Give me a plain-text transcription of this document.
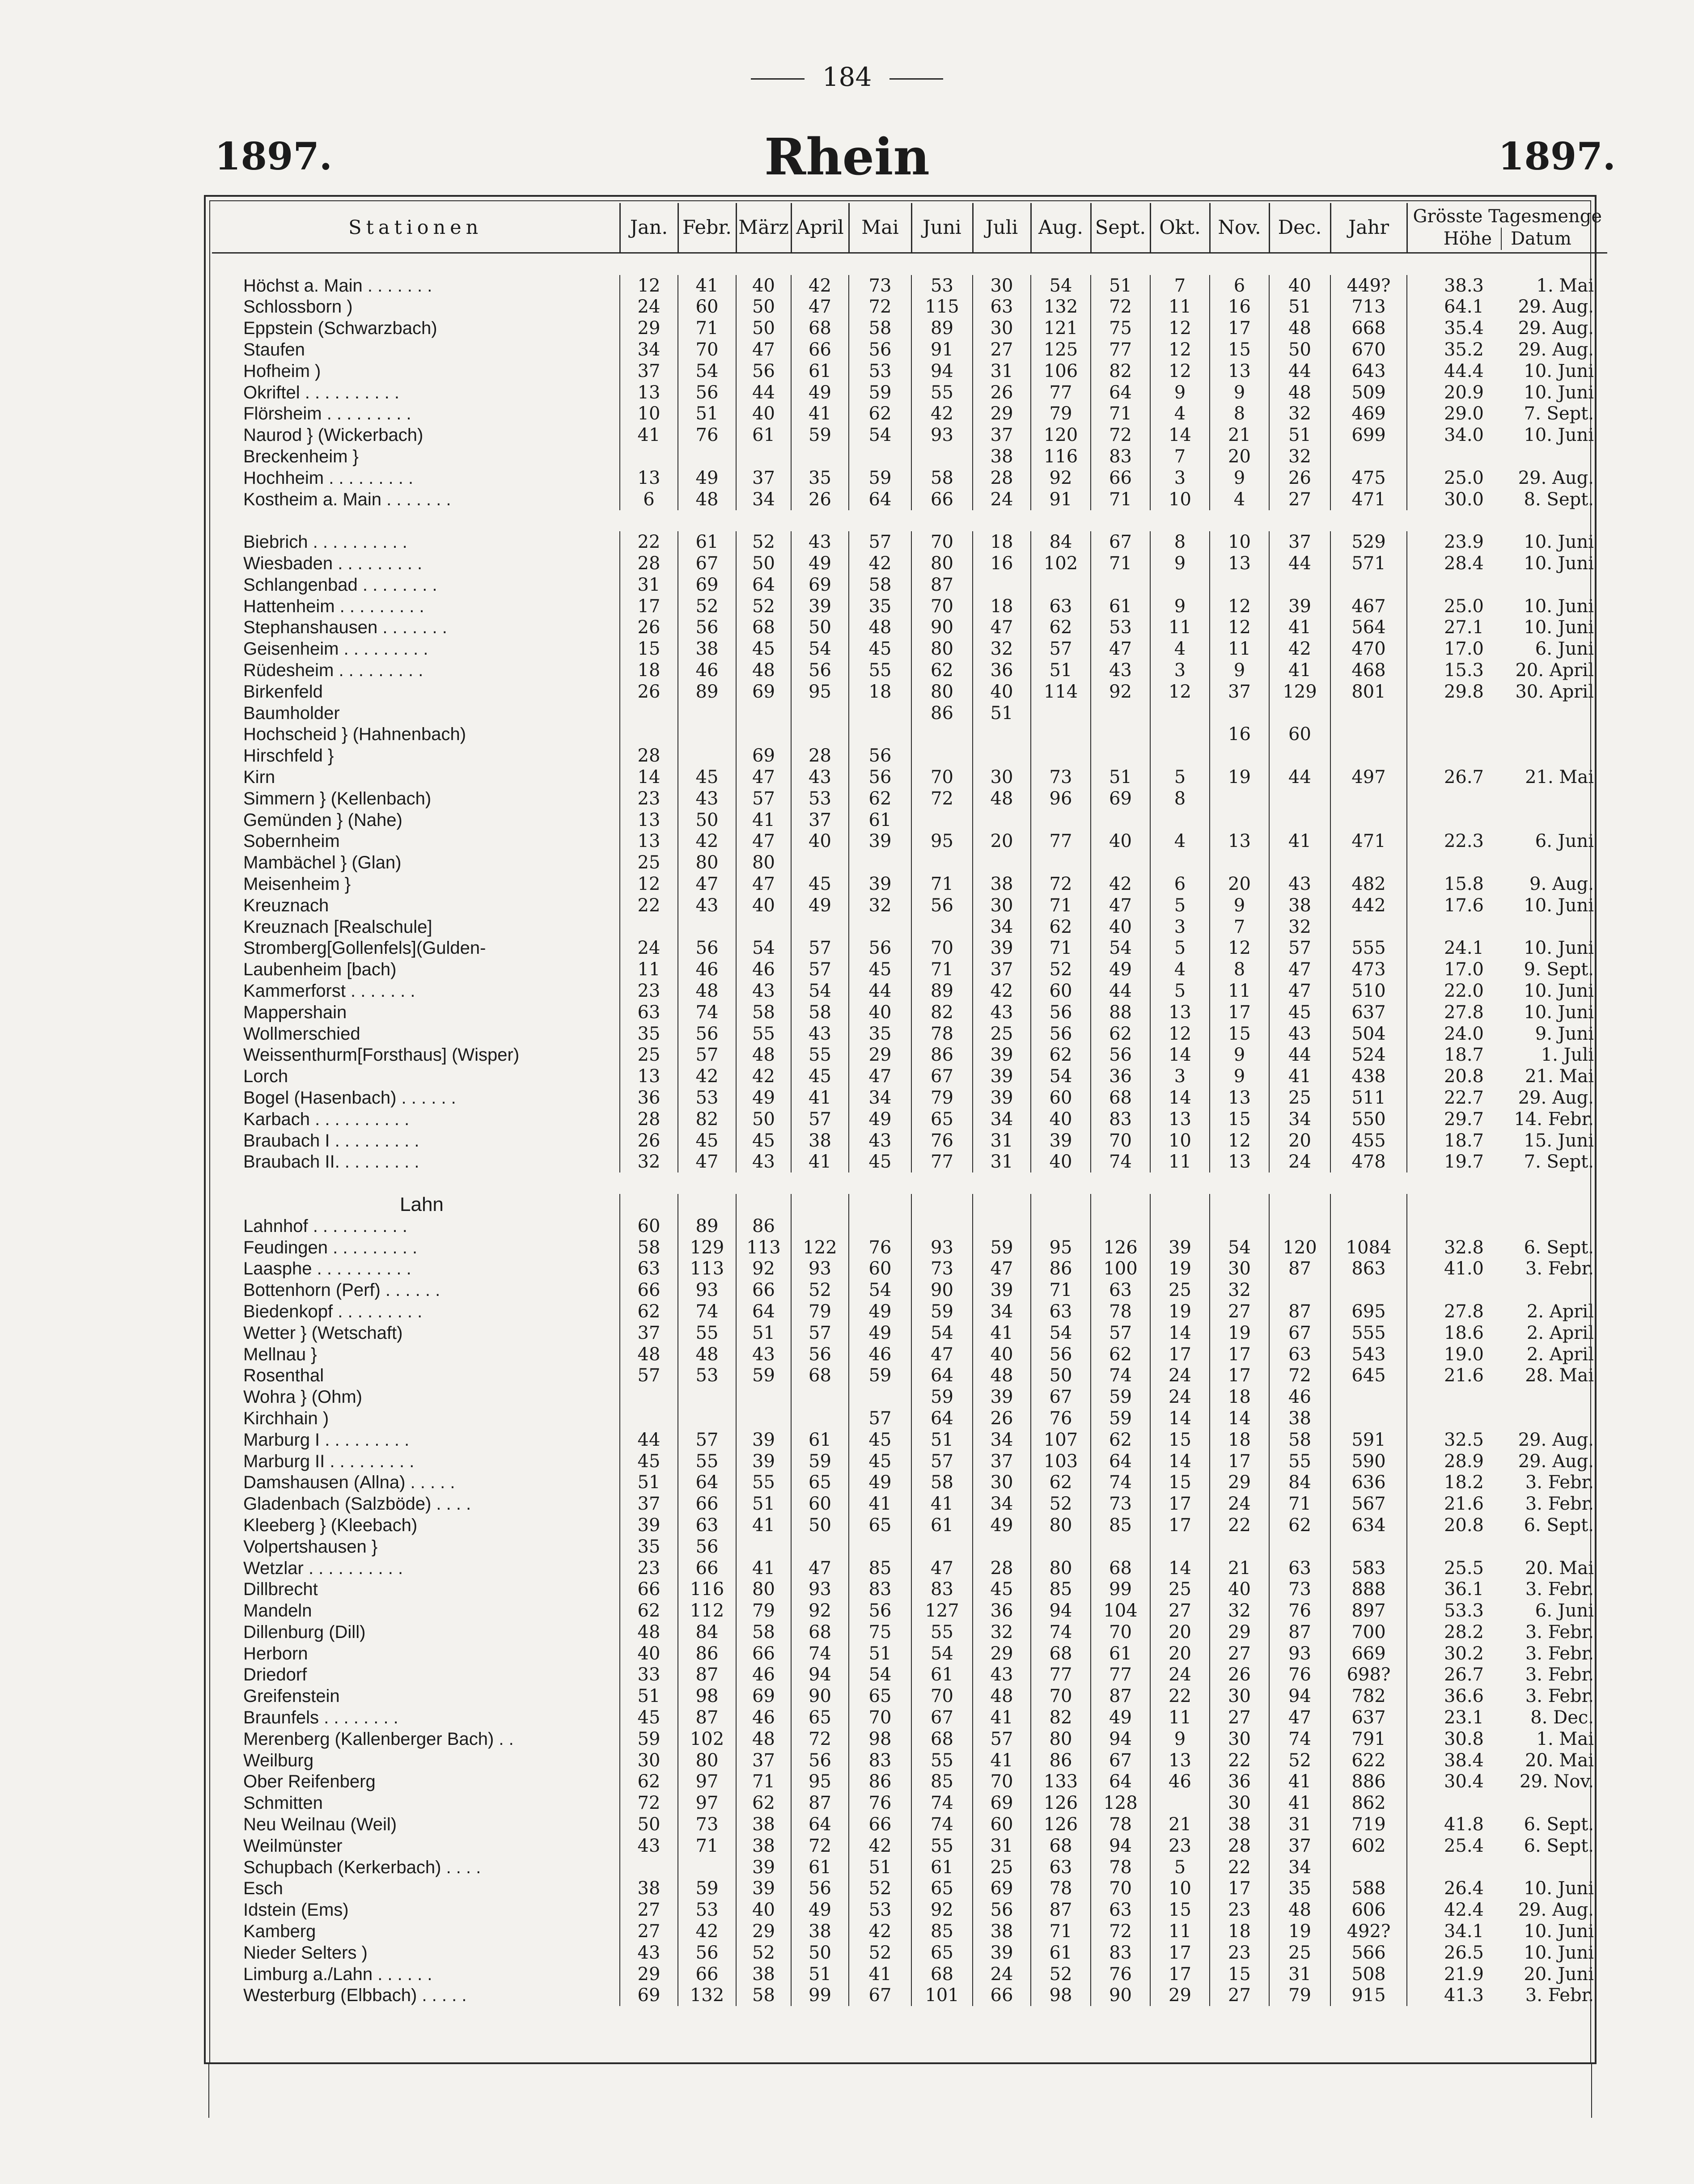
184
1897.	Rhein	1897.
Stationen	Jan.	Febr.	März	April	Mai	Juni	Juli	Aug.	Sept.	Okt.	Nov.	Dec.	Jahr	Grösste Tagesmenge
Höhe Datum	

Höchst a. Main . . . . . . .	12	41	40	42	73	53	30	54	51	7	6	40	449?	38.3	1. Mai
Schlossborn )	24	60	50	47	72	115	63	132	72	11	16	51	713	64.1	29. Aug.
Eppstein (Schwarzbach)	29	71	50	68	58	89	30	121	75	12	17	48	668	35.4	29. Aug.
Staufen	34	70	47	66	56	91	27	125	77	12	15	50	670	35.2	29. Aug.
Hofheim )	37	54	56	61	53	94	31	106	82	12	13	44	643	44.4	10. Juni
Okriftel . . . . . . . . . .	13	56	44	49	59	55	26	77	64	9	9	48	509	20.9	10. Juni
Flörsheim . . . . . . . . .	10	51	40	41	62	42	29	79	71	4	8	32	469	29.0	7. Sept.
Naurod } (Wickerbach)	41	76	61	59	54	93	37	120	72	14	21	51	699	34.0	10. Juni
Breckenheim }							38	116	83	7	20	32			
Hochheim . . . . . . . . .	13	49	37	35	59	58	28	92	66	3	9	26	475	25.0	29. Aug.
Kostheim a. Main . . . . . . .	6	48	34	26	64	66	24	91	71	10	4	27	471	30.0	8. Sept.

Biebrich . . . . . . . . . .	22	61	52	43	57	70	18	84	67	8	10	37	529	23.9	10. Juni
Wiesbaden . . . . . . . . .	28	67	50	49	42	80	16	102	71	9	13	44	571	28.4	10. Juni
Schlangenbad . . . . . . . .	31	69	64	69	58	87									
Hattenheim . . . . . . . . .	17	52	52	39	35	70	18	63	61	9	12	39	467	25.0	10. Juni
Stephanshausen . . . . . . .	26	56	68	50	48	90	47	62	53	11	12	41	564	27.1	10. Juni
Geisenheim . . . . . . . . .	15	38	45	54	45	80	32	57	47	4	11	42	470	17.0	6. Juni
Rüdesheim . . . . . . . . .	18	46	48	56	55	62	36	51	43	3	9	41	468	15.3	20. April
Birkenfeld	26	89	69	95	18	80	40	114	92	12	37	129	801	29.8	30. April
Baumholder						86	51								
Hochscheid } (Hahnenbach)											16	60			
Hirschfeld }	28		69	28	56										
Kirn	14	45	47	43	56	70	30	73	51	5	19	44	497	26.7	21. Mai
Simmern } (Kellenbach)	23	43	57	53	62	72	48	96	69	8					
Gemünden } (Nahe)	13	50	41	37	61										
Sobernheim	13	42	47	40	39	95	20	77	40	4	13	41	471	22.3	6. Juni
Mambächel } (Glan)	25	80	80												
Meisenheim }	12	47	47	45	39	71	38	72	42	6	20	43	482	15.8	9. Aug.
Kreuznach	22	43	40	49	32	56	30	71	47	5	9	38	442	17.6	10. Juni
Kreuznach [Realschule]							34	62	40	3	7	32			
Stromberg[Gollenfels](Gulden-	24	56	54	57	56	70	39	71	54	5	12	57	555	24.1	10. Juni
Laubenheim [bach)	11	46	46	57	45	71	37	52	49	4	8	47	473	17.0	9. Sept.
Kammerforst . . . . . . .	23	48	43	54	44	89	42	60	44	5	11	47	510	22.0	10. Juni
Mappershain	63	74	58	58	40	82	43	56	88	13	17	45	637	27.8	10. Juni
Wollmerschied	35	56	55	43	35	78	25	56	62	12	15	43	504	24.0	9. Juni
Weissenthurm[Forsthaus] (Wisper)	25	57	48	55	29	86	39	62	56	14	9	44	524	18.7	1. Juli
Lorch	13	42	42	45	47	67	39	54	36	3	9	41	438	20.8	21. Mai
Bogel (Hasenbach) . . . . . .	36	53	49	41	34	79	39	60	68	14	13	25	511	22.7	29. Aug.
Karbach . . . . . . . . . .	28	82	50	57	49	65	34	40	83	13	15	34	550	29.7	14. Febr.
Braubach I . . . . . . . . .	26	45	45	38	43	76	31	39	70	10	12	20	455	18.7	15. Juni
Braubach II. . . . . . . . .	32	47	43	41	45	77	31	40	74	11	13	24	478	19.7	7. Sept.

Lahn															
Lahnhof . . . . . . . . . .	60	89	86												
Feudingen . . . . . . . . .	58	129	113	122	76	93	59	95	126	39	54	120	1084	32.8	6. Sept.
Laasphe . . . . . . . . . .	63	113	92	93	60	73	47	86	100	19	30	87	863	41.0	3. Febr.
Bottenhorn (Perf) . . . . . .	66	93	66	52	54	90	39	71	63	25	32				
Biedenkopf . . . . . . . . .	62	74	64	79	49	59	34	63	78	19	27	87	695	27.8	2. April
Wetter } (Wetschaft)	37	55	51	57	49	54	41	54	57	14	19	67	555	18.6	2. April
Mellnau }	48	48	43	56	46	47	40	56	62	17	17	63	543	19.0	2. April
Rosenthal	57	53	59	68	59	64	48	50	74	24	17	72	645	21.6	28. Mai
Wohra } (Ohm)						59	39	67	59	24	18	46			
Kirchhain )					57	64	26	76	59	14	14	38			
Marburg I . . . . . . . . .	44	57	39	61	45	51	34	107	62	15	18	58	591	32.5	29. Aug.
Marburg II . . . . . . . . .	45	55	39	59	45	57	37	103	64	14	17	55	590	28.9	29. Aug.
Damshausen (Allna) . . . . .	51	64	55	65	49	58	30	62	74	15	29	84	636	18.2	3. Febr.
Gladenbach (Salzböde) . . . .	37	66	51	60	41	41	34	52	73	17	24	71	567	21.6	3. Febr.
Kleeberg } (Kleebach)	39	63	41	50	65	61	49	80	85	17	22	62	634	20.8	6. Sept.
Volpertshausen }	35	56													
Wetzlar . . . . . . . . . .	23	66	41	47	85	47	28	80	68	14	21	63	583	25.5	20. Mai
Dillbrecht	66	116	80	93	83	83	45	85	99	25	40	73	888	36.1	3. Febr.
Mandeln	62	112	79	92	56	127	36	94	104	27	32	76	897	53.3	6. Juni
Dillenburg (Dill)	48	84	58	68	75	55	32	74	70	20	29	87	700	28.2	3. Febr.
Herborn	40	86	66	74	51	54	29	68	61	20	27	93	669	30.2	3. Febr.
Driedorf	33	87	46	94	54	61	43	77	77	24	26	76	698?	26.7	3. Febr.
Greifenstein	51	98	69	90	65	70	48	70	87	22	30	94	782	36.6	3. Febr.
Braunfels . . . . . . . .	45	87	46	65	70	67	41	82	49	11	27	47	637	23.1	8. Dec.
Merenberg (Kallenberger Bach) . .	59	102	48	72	98	68	57	80	94	9	30	74	791	30.8	1. Mai
Weilburg	30	80	37	56	83	55	41	86	67	13	22	52	622	38.4	20. Mai
Ober Reifenberg	62	97	71	95	86	85	70	133	64	46	36	41	886	30.4	29. Nov.
Schmitten	72	97	62	87	76	74	69	126	128		30	41	862		
Neu Weilnau (Weil)	50	73	38	64	66	74	60	126	78	21	38	31	719	41.8	6. Sept.
Weilmünster	43	71	38	72	42	55	31	68	94	23	28	37	602	25.4	6. Sept.
Schupbach (Kerkerbach) . . . .			39	61	51	61	25	63	78	5	22	34			
Esch	38	59	39	56	52	65	69	78	70	10	17	35	588	26.4	10. Juni
Idstein (Ems)	27	53	40	49	53	92	56	87	63	15	23	48	606	42.4	29. Aug.
Kamberg	27	42	29	38	42	85	38	71	72	11	18	19	492?	34.1	10. Juni
Nieder Selters )	43	56	52	50	52	65	39	61	83	17	23	25	566	26.5	10. Juni
Limburg a./Lahn . . . . . .	29	66	38	51	41	68	24	52	76	17	15	31	508	21.9	20. Juni
Westerburg (Elbbach) . . . . .	69	132	58	99	67	101	66	98	90	29	27	79	915	41.3	3. Febr.
